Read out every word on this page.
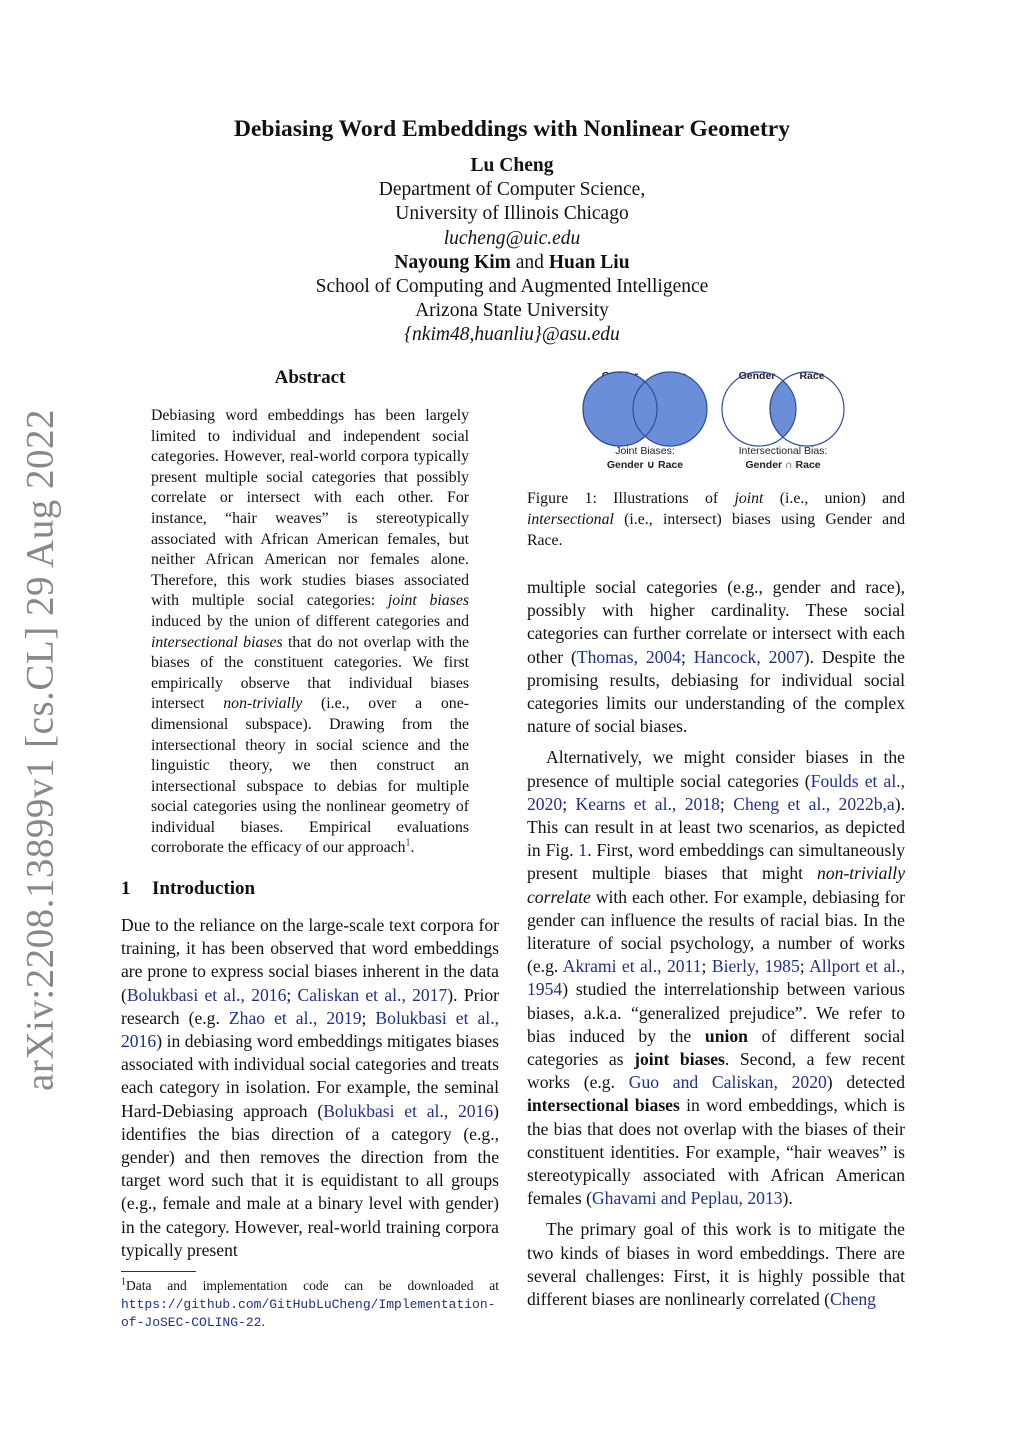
arXiv:2208.13899v1 [cs.CL] 29 Aug 2022
Debiasing Word Embeddings with Nonlinear Geometry
Lu Cheng
Department of Computer Science,
University of Illinois Chicago
lucheng@uic.edu
Nayoung Kim and Huan Liu
School of Computing and Augmented Intelligence
Arizona State University
{nkim48,huanliu}@asu.edu
Abstract
Debiasing word embeddings has been largely limited to individual and independent social categories. However, real-world corpora typically present multiple social categories that possibly correlate or intersect with each other. For instance, “hair weaves” is stereotypically associated with African American females, but neither African American nor females alone. Therefore, this work studies biases associated with multiple social categories: joint biases induced by the union of different categories and intersectional biases that do not overlap with the biases of the constituent categories. We first empirically observe that individual biases intersect non-trivially (i.e., over a one-dimensional subspace). Drawing from the intersectional theory in social science and the linguistic theory, we then construct an intersectional subspace to debias for multiple social categories using the nonlinear geometry of individual biases. Empirical evaluations corroborate the efficacy of our approach$^1$.
1 Introduction

Due to the reliance on the large-scale text corpora for training, it has been observed that word embeddings are prone to express social biases inherent in the data (Bolukbasi et al., 2016; Caliskan et al., 2017). Prior research (e.g. Zhao et al., 2019; Bolukbasi et al., 2016) in debiasing word embeddings mitigates biases associated with individual social categories and treats each category in isolation. For example, the seminal Hard-Debiasing approach (Bolukbasi et al., 2016) identifies the bias direction of a category (e.g., gender) and then removes the direction from the target word such that it is equidistant to all groups (e.g., female and male at a binary level with gender) in the category. However, real-world training corpora typically present

$^1$Data and implementation code can be downloaded at https://github.com/GitHubLuCheng/Implementation-of-JoSEC-COLING-22.
Joint Biases:
Gender ∪ Race
Gender Race
Intersectional Bias:
Gender ∩ Race
Figure 1: Illustrations of joint (i.e., union) and intersectional (i.e., intersect) biases using Gender and Race.

multiple social categories (e.g., gender and race), possibly with higher cardinality. These social categories can further correlate or intersect with each other (Thomas, 2004; Hancock, 2007). Despite the promising results, debiasing for individual social categories limits our understanding of the complex nature of social biases.

Alternatively, we might consider biases in the presence of multiple social categories (Foulds et al., 2020; Kearns et al., 2018; Cheng et al., 2022b,a). This can result in at least two scenarios, as depicted in Fig. 1. First, word embeddings can simultaneously present multiple biases that might non-trivially correlate with each other. For example, debiasing for gender can influence the results of racial bias. In the literature of social psychology, a number of works (e.g. Akrami et al., 2011; Bierly, 1985; Allport et al., 1954) studied the interrelationship between various biases, a.k.a. “generalized prejudice”. We refer to bias induced by the union of different social categories as joint biases. Second, a few recent works (e.g. Guo and Caliskan, 2020) detected intersectional biases in word embeddings, which is the bias that does not overlap with the biases of their constituent identities. For example, “hair weaves” is stereotypically associated with African American females (Ghavami and Peplau, 2013).

The primary goal of this work is to mitigate the two kinds of biases in word embeddings. There are several challenges: First, it is highly possible that different biases are nonlinearly correlated (Cheng
